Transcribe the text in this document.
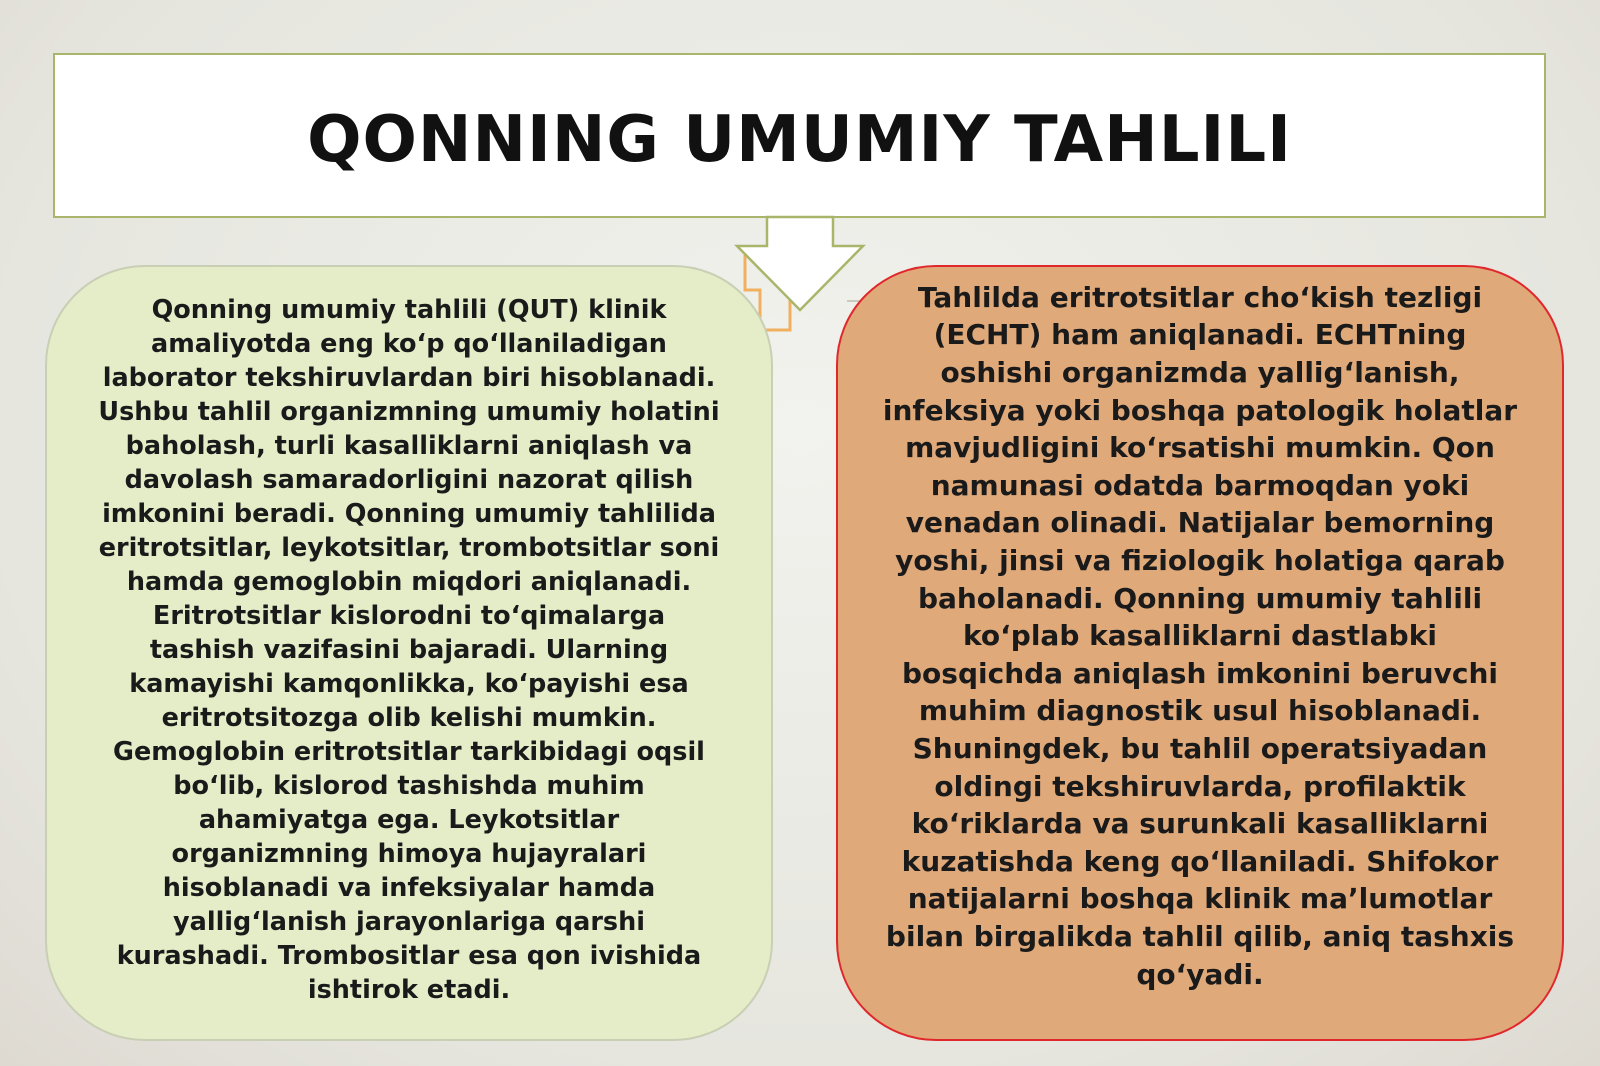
QONNING UMUMIY TAHLILI

Qonning umumiy tahlili (QUT) klinik amaliyotda eng koʻp qoʻllaniladigan laborator tekshiruvlardan biri hisoblanadi. Ushbu tahlil organizmning umumiy holatini baholash, turli kasalliklarni aniqlash va davolash samaradorligini nazorat qilish imkonini beradi. Qonning umumiy tahlilida eritrotsitlar, leykotsitlar, trombotsitlar soni hamda gemoglobin miqdori aniqlanadi. Eritrotsitlar kislorodni toʻqimalarga tashish vazifasini bajaradi. Ularning kamayishi kamqonlikka, koʻpayishi esa eritrotsitozga olib kelishi mumkin. Gemoglobin eritrotsitlar tarkibidagi oqsil boʻlib, kislorod tashishda muhim ahamiyatga ega. Leykotsitlar organizmning himoya hujayralari hisoblanadi va infeksiyalar hamda yalligʻlanish jarayonlariga qarshi kurashadi. Trombositlar esa qon ivishida ishtirok etadi.

Tahlilda eritrotsitlar choʻkish tezligi (ECHT) ham aniqlanadi. ECHTning oshishi organizmda yalligʻlanish, infeksiya yoki boshqa patologik holatlar mavjudligini koʻrsatishi mumkin. Qon namunasi odatda barmoqdan yoki venadan olinadi. Natijalar bemorning yoshi, jinsi va fiziologik holatiga qarab baholanadi. Qonning umumiy tahlili koʻplab kasalliklarni dastlabki bosqichda aniqlash imkonini beruvchi muhim diagnostik usul hisoblanadi. Shuningdek, bu tahlil operatsiyadan oldingi tekshiruvlarda, profilaktik koʻriklarda va surunkali kasalliklarni kuzatishda keng qoʻllaniladi. Shifokor natijalarni boshqa klinik maʼlumotlar bilan birgalikda tahlil qilib, aniq tashxis qoʻyadi.
